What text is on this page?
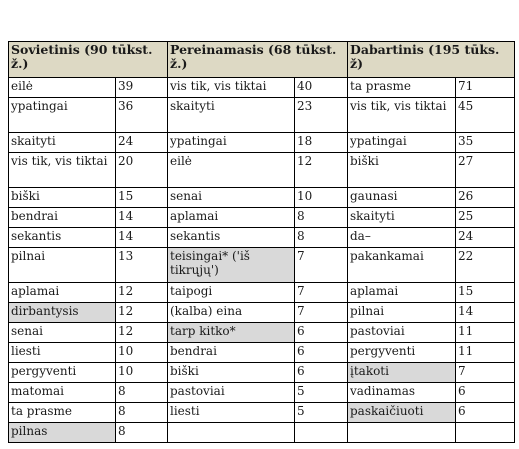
Sovietinis (90 tūkst. ž.)		Pereinamasis (68 tūkst. ž.)		Dabartinis (195 tūks. ž)	
eilė	39	vis tik, vis tiktai	40	ta prasme	71
ypatingai	36	skaityti	23	vis tik, vis tiktai	45
skaityti	24	ypatingai	18	ypatingai	35
vis tik, vis tiktai	20	eilė	12	biški	27
biški	15	senai	10	gaunasi	26
bendrai	14	aplamai	8	skaityti	25
sekantis	14	sekantis	8	da–	24
pilnai	13	teisingai* ('iš tikrųjų')	7	pakankamai	22
aplamai	12	taipogi	7	aplamai	15
dirbantysis	12	(kalba) eina	7	pilnai	14
senai	12	tarp kitko*	6	pastoviai	11
liesti	10	bendrai	6	pergyventi	11
pergyventi	10	biški	6	įtakoti	7
matomai	8	pastoviai	5	vadinamas	6
ta prasme	8	liesti	5	paskaičiuoti	6
pilnas	8				
